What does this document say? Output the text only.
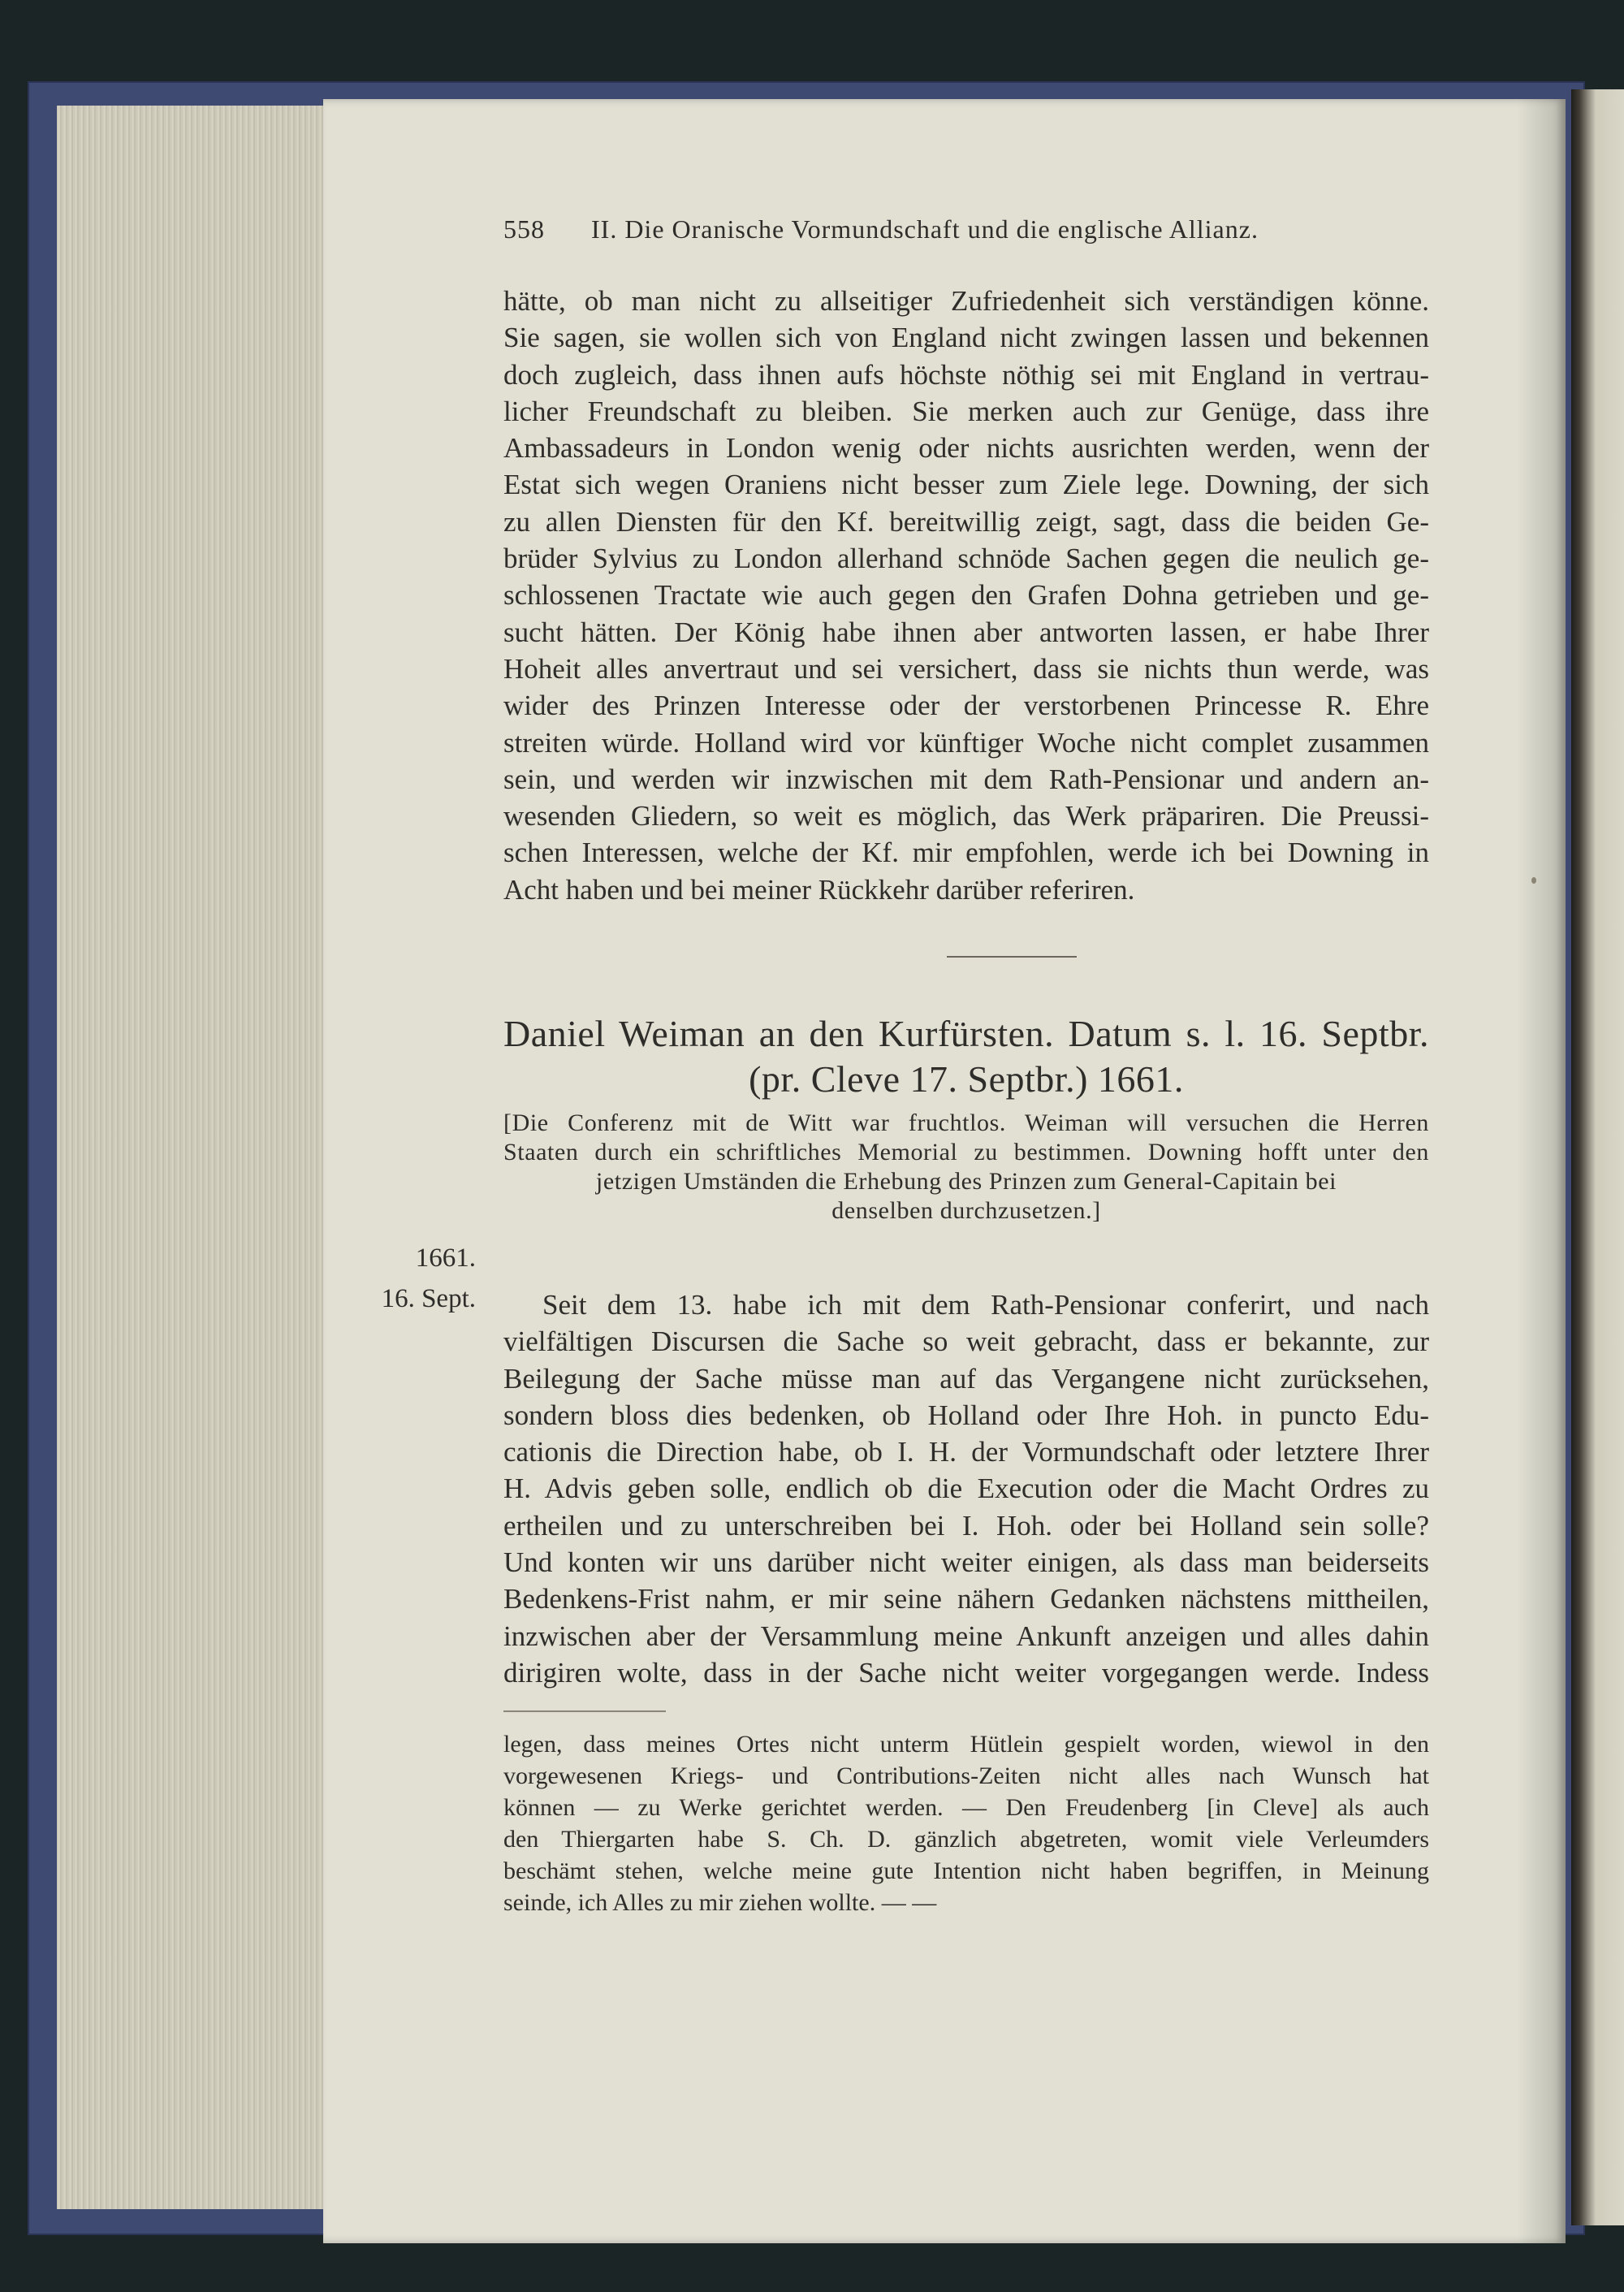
558 II. Die Oranische Vormundschaft und die englische Allianz.
hätte, ob man nicht zu allseitiger Zufriedenheit sich verständigen könne.
Sie sagen, sie wollen sich von England nicht zwingen lassen und bekennen
doch zugleich, dass ihnen aufs höchste nöthig sei mit England in vertrau-
licher Freundschaft zu bleiben. Sie merken auch zur Genüge, dass ihre
Ambassadeurs in London wenig oder nichts ausrichten werden, wenn der
Estat sich wegen Oraniens nicht besser zum Ziele lege. Downing, der sich
zu allen Diensten für den Kf. bereitwillig zeigt, sagt, dass die beiden Ge-
brüder Sylvius zu London allerhand schnöde Sachen gegen die neulich ge-
schlossenen Tractate wie auch gegen den Grafen Dohna getrieben und ge-
sucht hätten. Der König habe ihnen aber antworten lassen, er habe Ihrer
Hoheit alles anvertraut und sei versichert, dass sie nichts thun werde, was
wider des Prinzen Interesse oder der verstorbenen Princesse R. Ehre
streiten würde. Holland wird vor künftiger Woche nicht complet zusammen
sein, und werden wir inzwischen mit dem Rath-Pensionar und andern an-
wesenden Gliedern, so weit es möglich, das Werk präpariren. Die Preussi-
schen Interessen, welche der Kf. mir empfohlen, werde ich bei Downing in
Acht haben und bei meiner Rückkehr darüber referiren.
Daniel Weiman an den Kurfürsten. Datum s. l. 16. Septbr.
(pr. Cleve 17. Septbr.) 1661.
[Die Conferenz mit de Witt war fruchtlos. Weiman will versuchen die Herren
Staaten durch ein schriftliches Memorial zu bestimmen. Downing hofft unter den
jetzigen Umständen die Erhebung des Prinzen zum General-Capitain bei
denselben durchzusetzen.]
1661.
16. Sept.	Seit dem 13. habe ich mit dem Rath-Pensionar conferirt, und nach
vielfältigen Discursen die Sache so weit gebracht, dass er bekannte, zur
Beilegung der Sache müsse man auf das Vergangene nicht zurücksehen,
sondern bloss dies bedenken, ob Holland oder Ihre Hoh. in puncto Edu-
cationis die Direction habe, ob I. H. der Vormundschaft oder letztere Ihrer
H. Advis geben solle, endlich ob die Execution oder die Macht Ordres zu
ertheilen und zu unterschreiben bei I. Hoh. oder bei Holland sein solle?
Und konten wir uns darüber nicht weiter einigen, als dass man beiderseits
Bedenkens-Frist nahm, er mir seine nähern Gedanken nächstens mittheilen,
inzwischen aber der Versammlung meine Ankunft anzeigen und alles dahin
dirigiren wolte, dass in der Sache nicht weiter vorgegangen werde. Indess
legen, dass meines Ortes nicht unterm Hütlein gespielt worden, wiewol in den
vorgewesenen Kriegs- und Contributions-Zeiten nicht alles nach Wunsch hat
können — zu Werke gerichtet werden. — Den Freudenberg [in Cleve] als auch
den Thiergarten habe S. Ch. D. gänzlich abgetreten, womit viele Verleumders
beschämt stehen, welche meine gute Intention nicht haben begriffen, in Meinung
seinde, ich Alles zu mir ziehen wollte. — —
